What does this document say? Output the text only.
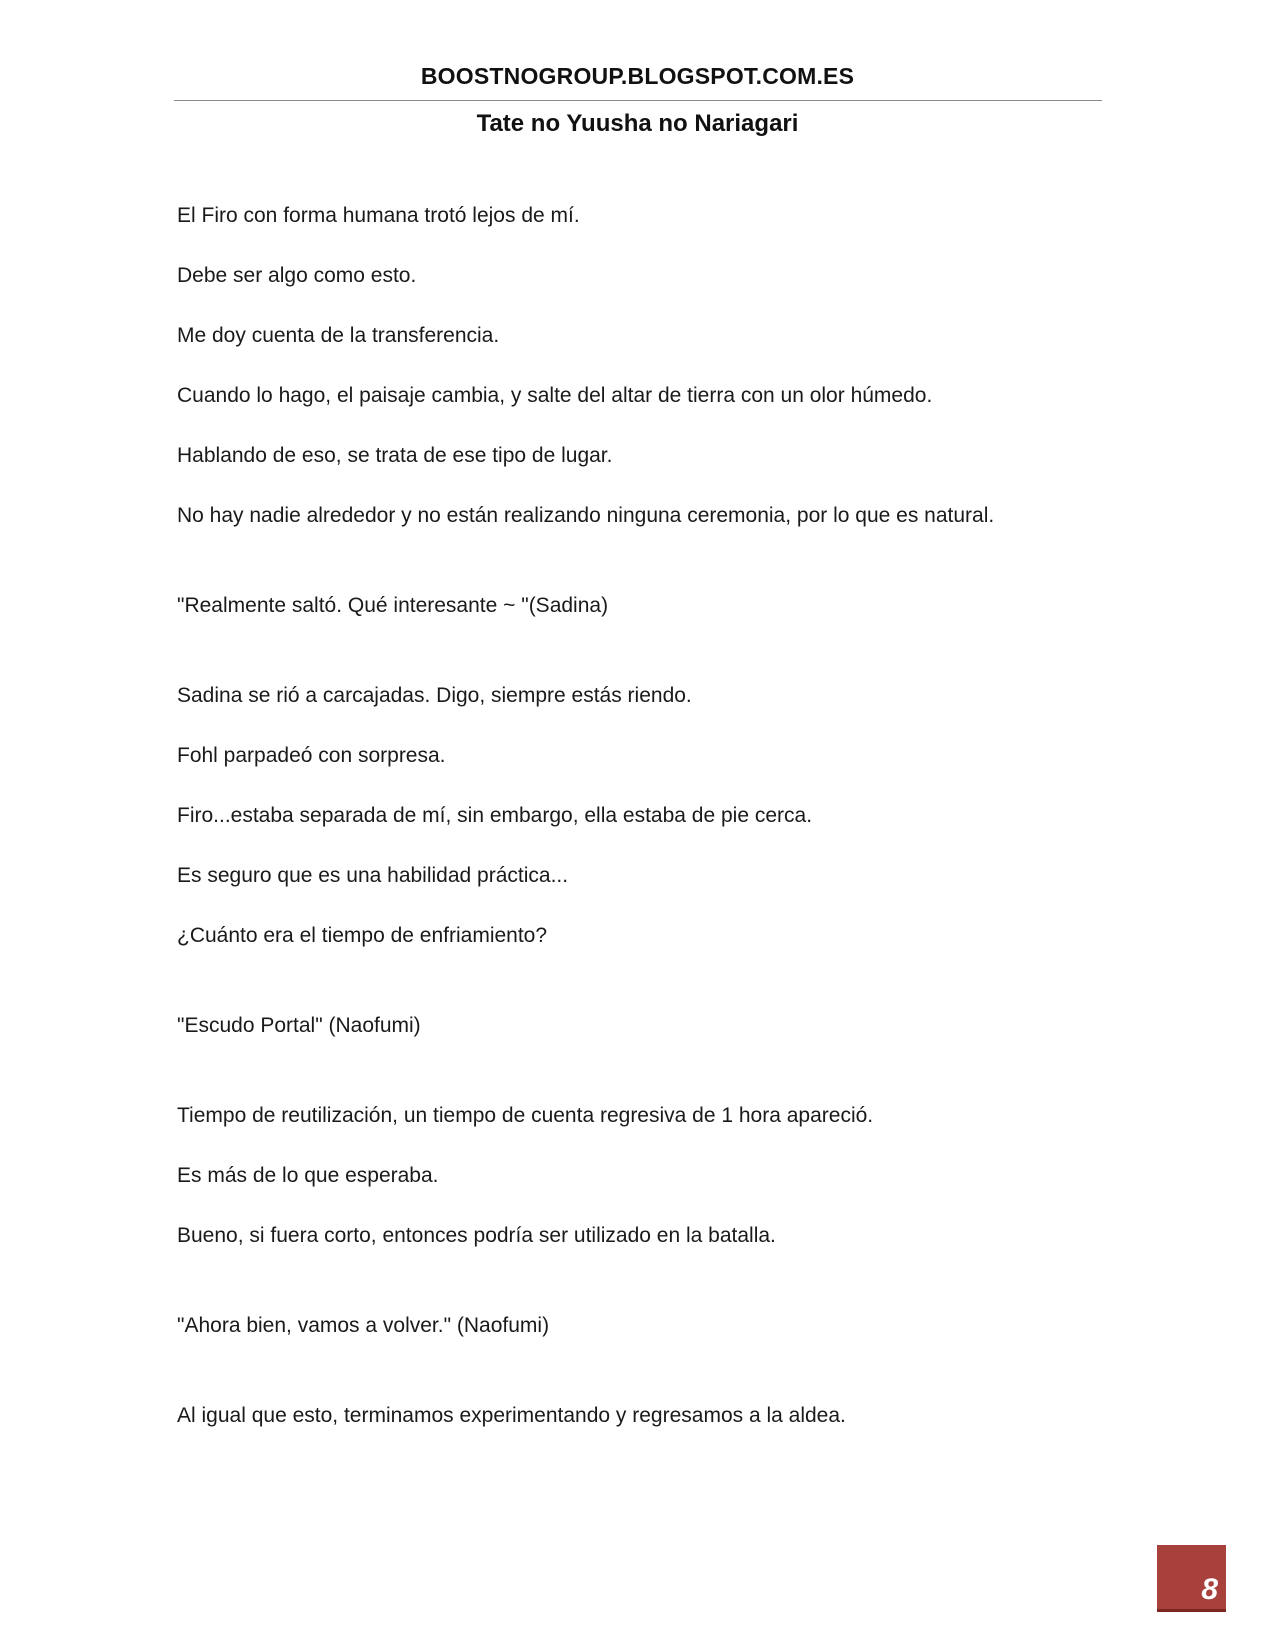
BOOSTNOGROUP.BLOGSPOT.COM.ES
Tate no Yuusha no Nariagari

El Firo con forma humana trotó lejos de mí.

Debe ser algo como esto.

Me doy cuenta de la transferencia.

Cuando lo hago, el paisaje cambia, y salte del altar de tierra con un olor húmedo.

Hablando de eso, se trata de ese tipo de lugar.

No hay nadie alrededor y no están realizando ninguna ceremonia, por lo que es natural.

"Realmente saltó. Qué interesante ~ "(Sadina)

Sadina se rió a carcajadas. Digo, siempre estás riendo.

Fohl parpadeó con sorpresa.

Firo...estaba separada de mí, sin embargo, ella estaba de pie cerca.

Es seguro que es una habilidad práctica...

¿Cuánto era el tiempo de enfriamiento?

"Escudo Portal" (Naofumi)

Tiempo de reutilización, un tiempo de cuenta regresiva de 1 hora apareció.

Es más de lo que esperaba.

Bueno, si fuera corto, entonces podría ser utilizado en la batalla.

"Ahora bien, vamos a volver." (Naofumi)

Al igual que esto, terminamos experimentando y regresamos a la aldea.

8
